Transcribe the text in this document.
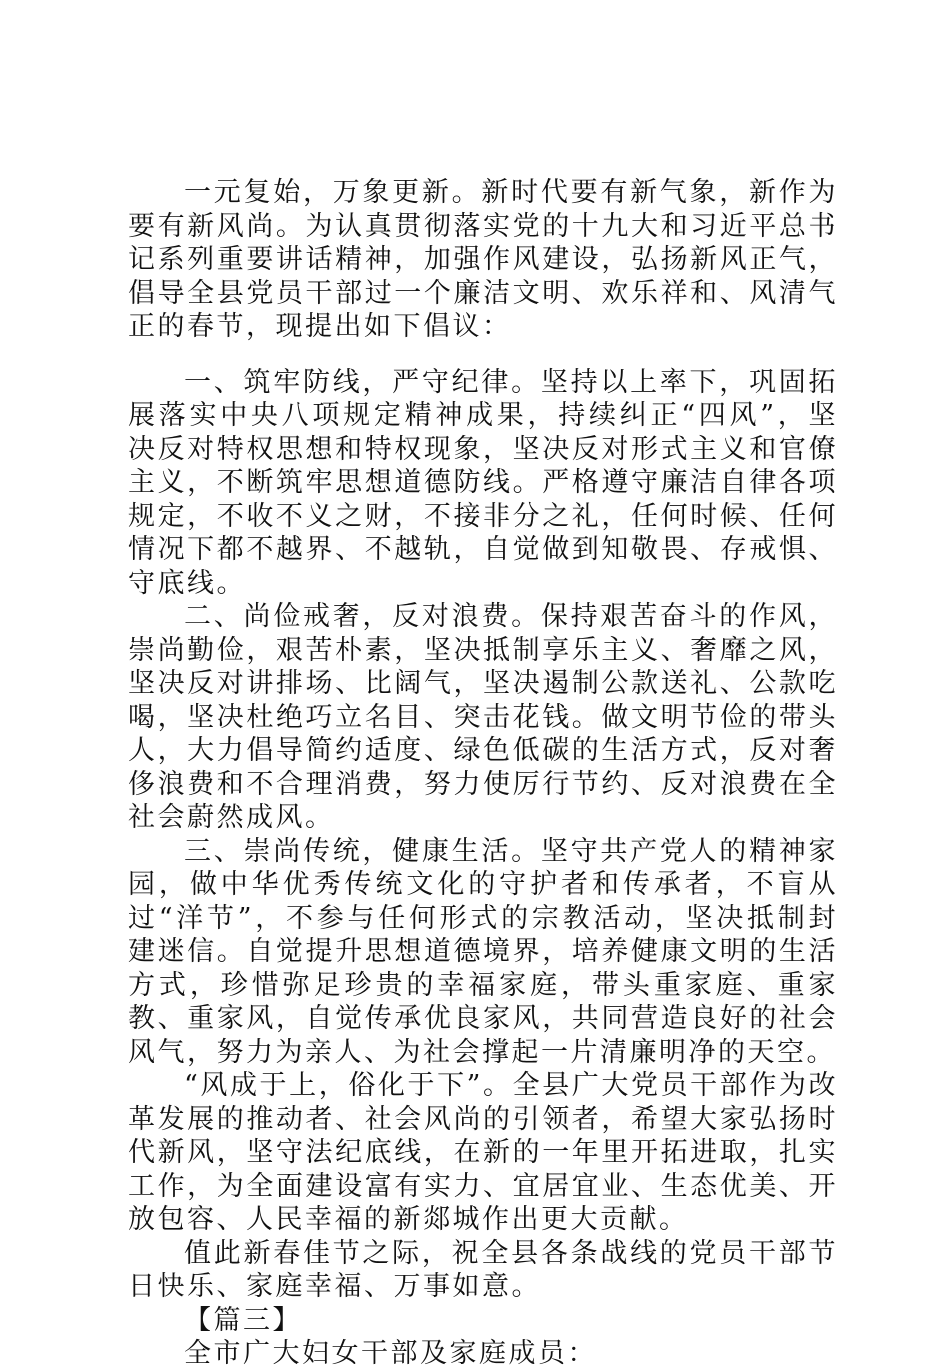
一元复始，万象更新。新时代要有新气象，新作为要有新风尚。为认真贯彻落实党的十九大和习近平总书记系列重要讲话精神，加强作风建设，弘扬新风正气，倡导全县党员干部过一个廉洁文明、欢乐祥和、风清气正的春节，现提出如下倡议：

一、筑牢防线，严守纪律。坚持以上率下，巩固拓展落实中央八项规定精神成果，持续纠正“四风”，坚决反对特权思想和特权现象，坚决反对形式主义和官僚主义，不断筑牢思想道德防线。严格遵守廉洁自律各项规定，不收不义之财，不接非分之礼，任何时候、任何情况下都不越界、不越轨，自觉做到知敬畏、存戒惧、守底线。

二、尚俭戒奢，反对浪费。保持艰苦奋斗的作风，崇尚勤俭，艰苦朴素，坚决抵制享乐主义、奢靡之风，坚决反对讲排场、比阔气，坚决遏制公款送礼、公款吃喝，坚决杜绝巧立名目、突击花钱。做文明节俭的带头人，大力倡导简约适度、绿色低碳的生活方式，反对奢侈浪费和不合理消费，努力使厉行节约、反对浪费在全社会蔚然成风。

三、崇尚传统，健康生活。坚守共产党人的精神家园，做中华优秀传统文化的守护者和传承者，不盲从过“洋节”，不参与任何形式的宗教活动，坚决抵制封建迷信。自觉提升思想道德境界，培养健康文明的生活方式，珍惜弥足珍贵的幸福家庭，带头重家庭、重家教、重家风，自觉传承优良家风，共同营造良好的社会风气，努力为亲人、为社会撑起一片清廉明净的天空。

“风成于上，俗化于下”。全县广大党员干部作为改革发展的推动者、社会风尚的引领者，希望大家弘扬时代新风，坚守法纪底线，在新的一年里开拓进取，扎实工作，为全面建设富有实力、宜居宜业、生态优美、开放包容、人民幸福的新郯城作出更大贡献。

值此新春佳节之际，祝全县各条战线的党员干部节日快乐、家庭幸福、万事如意。

【篇三】

全市广大妇女干部及家庭成员：
